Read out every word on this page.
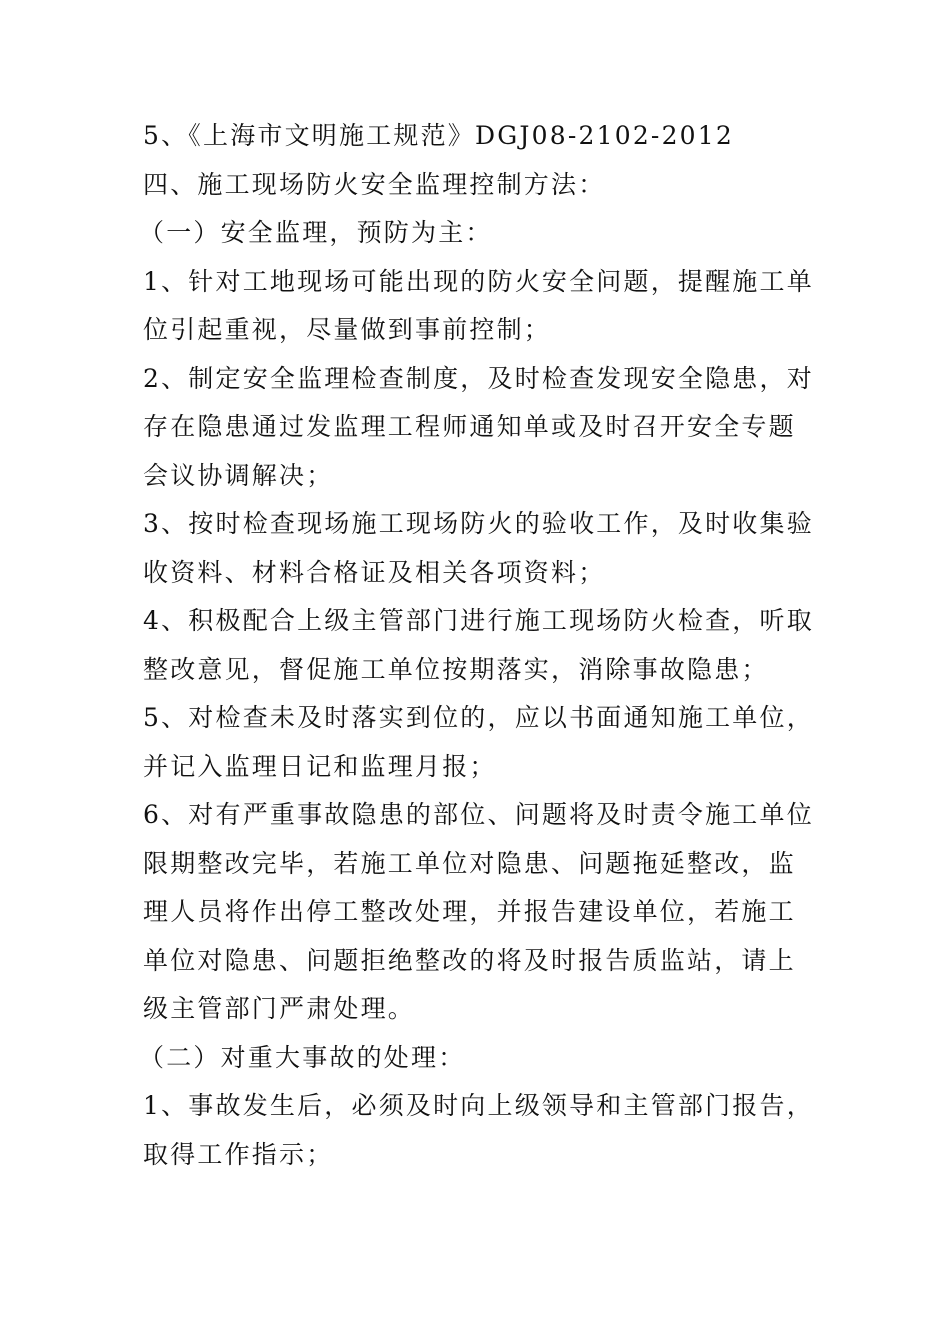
5、《上海市文明施工规范》DGJ08-2102-2012

四、施工现场防火安全监理控制方法：

（一）安全监理，预防为主：

1、针对工地现场可能出现的防火安全问题，提醒施工单
位引起重视，尽量做到事前控制；

2、制定安全监理检查制度，及时检查发现安全隐患，对
存在隐患通过发监理工程师通知单或及时召开安全专题
会议协调解决；

3、按时检查现场施工现场防火的验收工作，及时收集验
收资料、材料合格证及相关各项资料；

4、积极配合上级主管部门进行施工现场防火检查，听取
整改意见，督促施工单位按期落实，消除事故隐患；

5、对检查未及时落实到位的，应以书面通知施工单位，
并记入监理日记和监理月报；

6、对有严重事故隐患的部位、问题将及时责令施工单位
限期整改完毕，若施工单位对隐患、问题拖延整改，监
理人员将作出停工整改处理，并报告建设单位，若施工
单位对隐患、问题拒绝整改的将及时报告质监站，请上
级主管部门严肃处理。

（二）对重大事故的处理：

1、事故发生后，必须及时向上级领导和主管部门报告，
取得工作指示；
